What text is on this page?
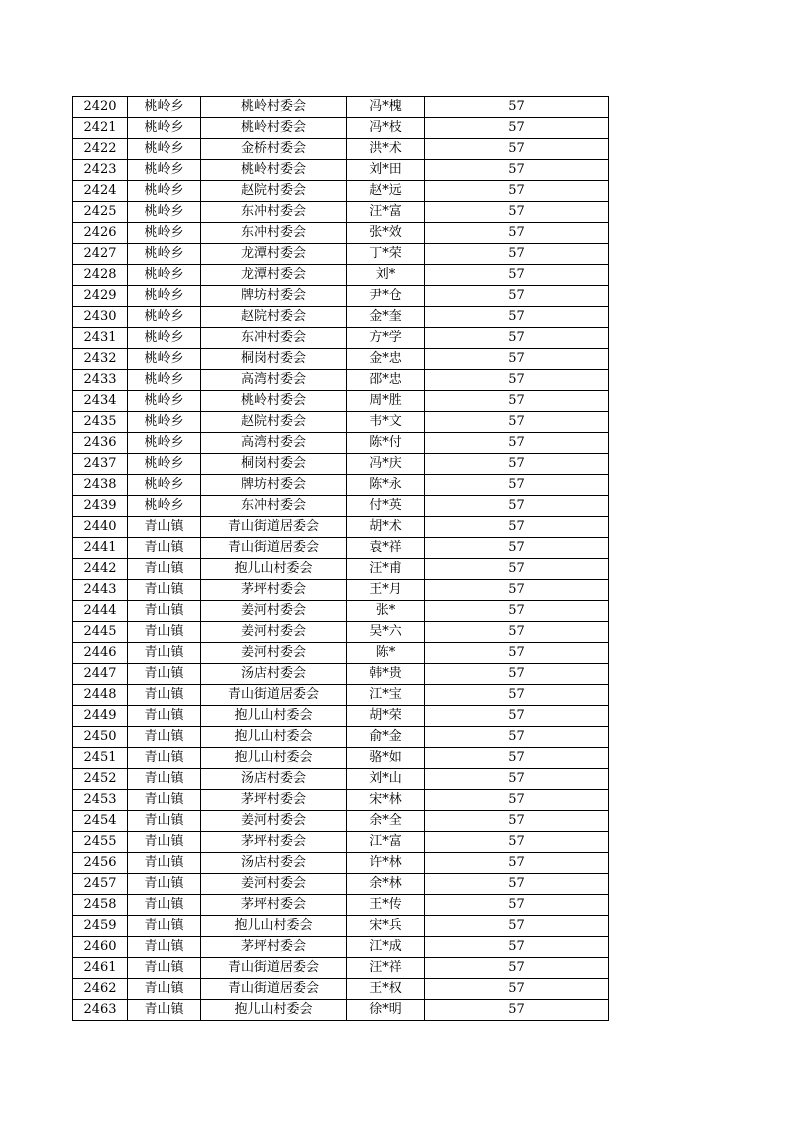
2420	桃岭乡	桃岭村委会	冯*槐	57
2421	桃岭乡	桃岭村委会	冯*枝	57
2422	桃岭乡	金桥村委会	洪*术	57
2423	桃岭乡	桃岭村委会	刘*田	57
2424	桃岭乡	赵院村委会	赵*远	57
2425	桃岭乡	东冲村委会	汪*富	57
2426	桃岭乡	东冲村委会	张*效	57
2427	桃岭乡	龙潭村委会	丁*荣	57
2428	桃岭乡	龙潭村委会	刘*	57
2429	桃岭乡	牌坊村委会	尹*仓	57
2430	桃岭乡	赵院村委会	金*奎	57
2431	桃岭乡	东冲村委会	方*学	57
2432	桃岭乡	桐岗村委会	金*忠	57
2433	桃岭乡	高湾村委会	邵*忠	57
2434	桃岭乡	桃岭村委会	周*胜	57
2435	桃岭乡	赵院村委会	韦*文	57
2436	桃岭乡	高湾村委会	陈*付	57
2437	桃岭乡	桐岗村委会	冯*庆	57
2438	桃岭乡	牌坊村委会	陈*永	57
2439	桃岭乡	东冲村委会	付*英	57
2440	青山镇	青山街道居委会	胡*术	57
2441	青山镇	青山街道居委会	袁*祥	57
2442	青山镇	抱儿山村委会	汪*甫	57
2443	青山镇	茅坪村委会	王*月	57
2444	青山镇	姜河村委会	张*	57
2445	青山镇	姜河村委会	吴*六	57
2446	青山镇	姜河村委会	陈*	57
2447	青山镇	汤店村委会	韩*贵	57
2448	青山镇	青山街道居委会	江*宝	57
2449	青山镇	抱儿山村委会	胡*荣	57
2450	青山镇	抱儿山村委会	俞*金	57
2451	青山镇	抱儿山村委会	骆*如	57
2452	青山镇	汤店村委会	刘*山	57
2453	青山镇	茅坪村委会	宋*林	57
2454	青山镇	姜河村委会	余*全	57
2455	青山镇	茅坪村委会	江*富	57
2456	青山镇	汤店村委会	许*林	57
2457	青山镇	姜河村委会	余*林	57
2458	青山镇	茅坪村委会	王*传	57
2459	青山镇	抱儿山村委会	宋*兵	57
2460	青山镇	茅坪村委会	江*成	57
2461	青山镇	青山街道居委会	汪*祥	57
2462	青山镇	青山街道居委会	王*权	57
2463	青山镇	抱儿山村委会	徐*明	57
